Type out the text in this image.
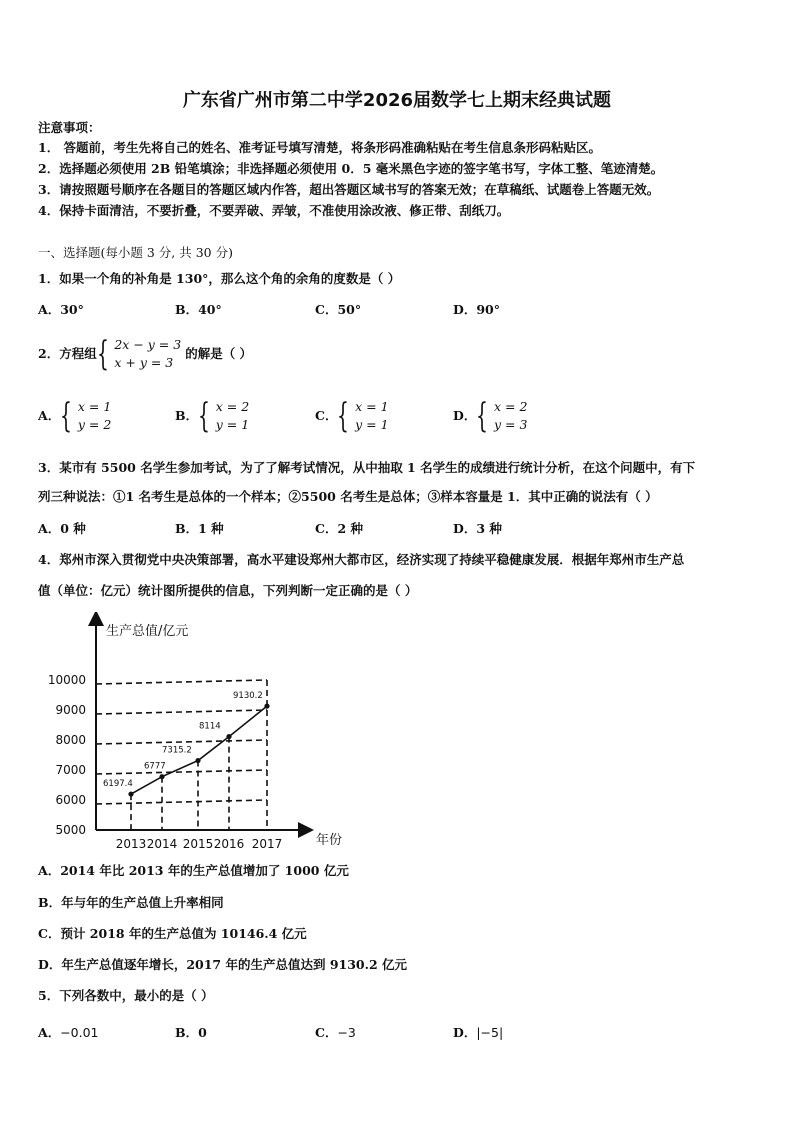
广东省广州市第二中学2026届数学七上期末经典试题
注意事项：
1． 答题前，考生先将自己的姓名、准考证号填写清楚，将条形码准确粘贴在考生信息条形码粘贴区。
2．选择题必须使用 2B 铅笔填涂；非选择题必须使用 0．5 毫米黑色字迹的签字笔书写，字体工整、笔迹清楚。
3．请按照题号顺序在各题目的答题区域内作答，超出答题区域书写的答案无效；在草稿纸、试题卷上答题无效。
4．保持卡面清洁，不要折叠，不要弄破、弄皱，不准使用涂改液、修正带、刮纸刀。
一、选择题(每小题 3 分, 共 30 分)
1．如果一个角的补角是 130°，那么这个角的余角的度数是（ ）
A．30°	B．40°	C．50°	D．90°
2．方程组 { 2x − y = 3
x + y = 3
的解是（ ）
A． { x = 1
y = 2
B． { x = 2
y = 1
C． { x = 1
y = 1
D． { x = 2
y = 3
3．某市有 5500 名学生参加考试，为了了解考试情况，从中抽取 1 名学生的成绩进行统计分析，在这个问题中，有下
列三种说法：①1 名考生是总体的一个样本；②5500 名考生是总体；③样本容量是 1．其中正确的说法有（ ）
A．0 种	B．1 种	C．2 种	D．3 种
4．郑州市深入贯彻党中央决策部署，高水平建设郑州大都市区，经济实现了持续平稳健康发展．根据年郑州市生产总
值（单位：亿元）统计图所提供的信息，下列判断一定正确的是（ ）
生产总值/亿元
年份
5000
6000
7000
8000
9000
10000
2013 2014 2015 2016 2017
6197.4
6777
7315.2
8114
9130.2
A．2014 年比 2013 年的生产总值增加了 1000 亿元
B．年与年的生产总值上升率相同
C．预计 2018 年的生产总值为 10146.4 亿元
D．年生产总值逐年增长，2017 年的生产总值达到 9130.2 亿元
5．下列各数中，最小的是（ ）
A．−0.01	B．0	C．−3	D．|−5|
